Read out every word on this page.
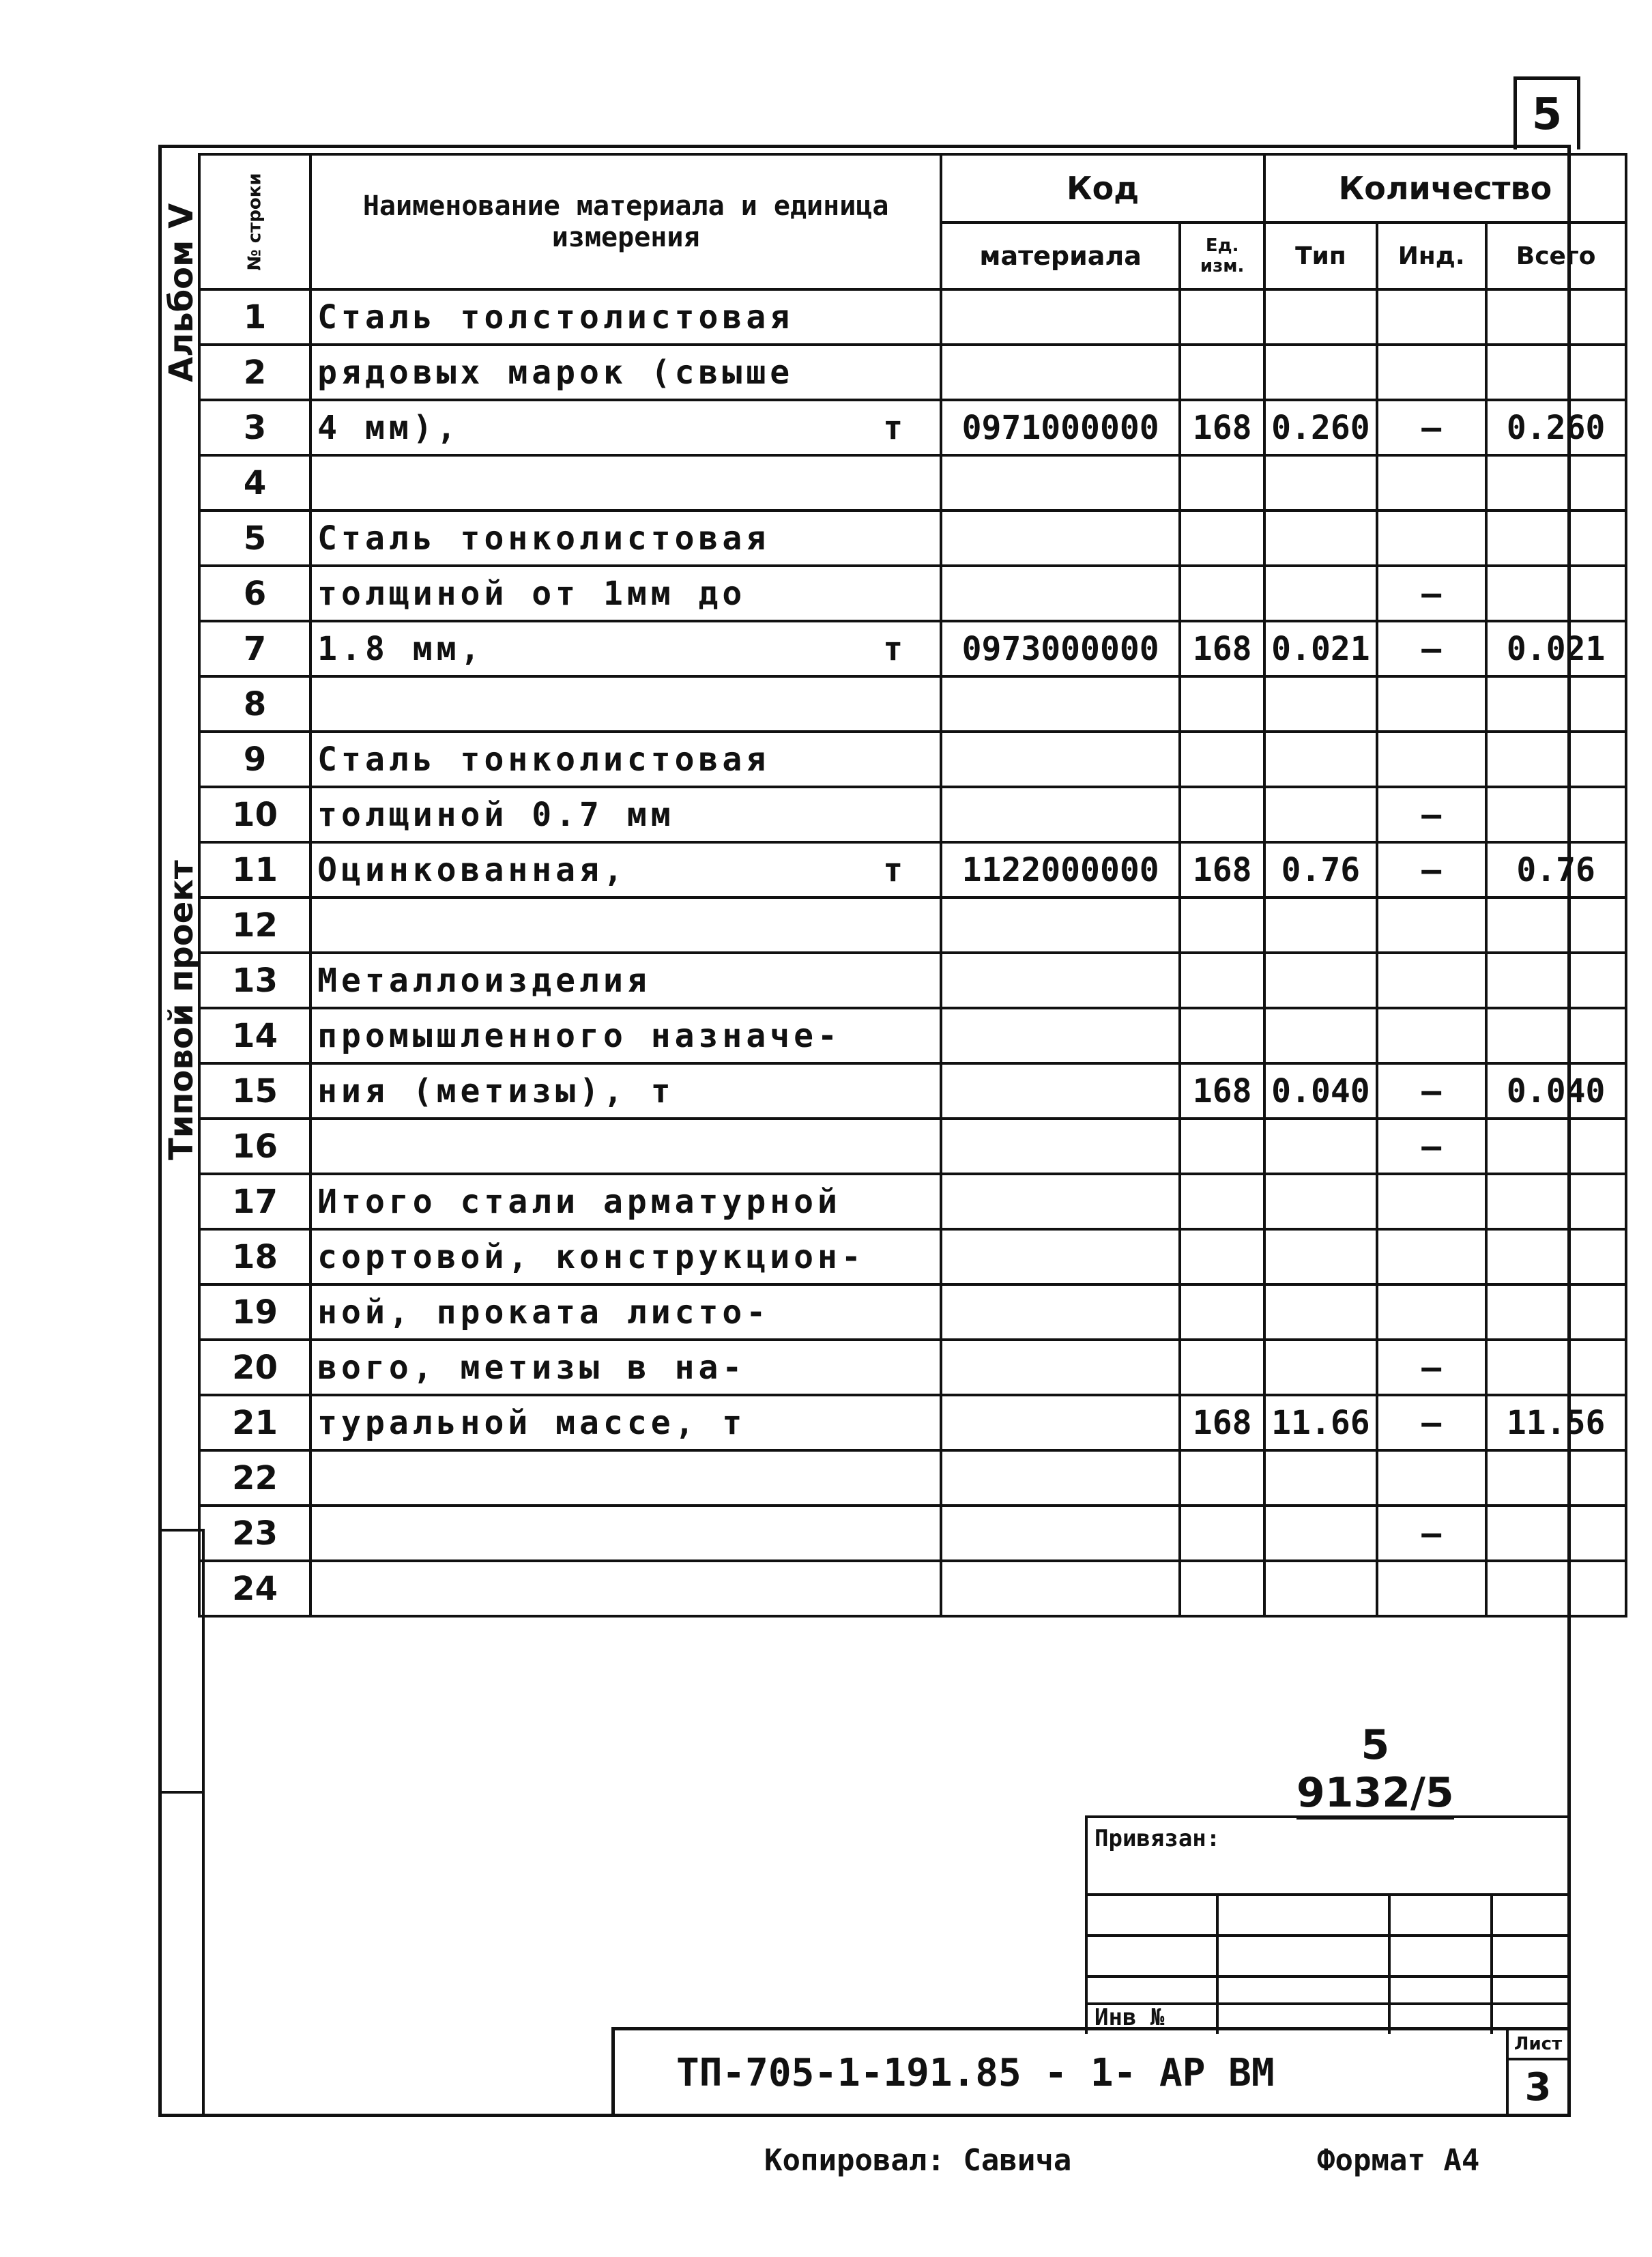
5
Альбом V
Типовой проект
№ строки	Наименование материала и единица измерения	Код		Количество		
		материала	Ед. изм.	Тип	Инд.	Всего
1	Сталь толстолистовая					

2	рядовых марок (свыше					

3	4 мм), т	0971000000	168	0.260	–	0.260
4	

5	Сталь тонколистовая					

6	толщиной от 1мм до				–	
7	1.8 мм, т	0973000000	168	0.021	–	0.021
8	

9	Сталь тонколистовая					

10	толщиной 0.7 мм				–	
11	Оцинкованная, т	1122000000	168	0.76	–	0.76
12	

13	Металлоизделия					

14	промышленного назначе-					

15	ния (метизы), т		168	0.040	–	0.040
16					–	
17	Итого стали арматурной					

18	сортовой, конструкцион-					

19	ной, проката листо-					

20	вого, метизы в на-				–	
21	туральной массе, т		168	11.66	–	11.56
22	

23					–	
24	

5
9132/5
Привязан:
Инв №
ТП-705-1-191.85 - 1- АР ВМ
Лист
3
Копировал: Савича	Формат А4
